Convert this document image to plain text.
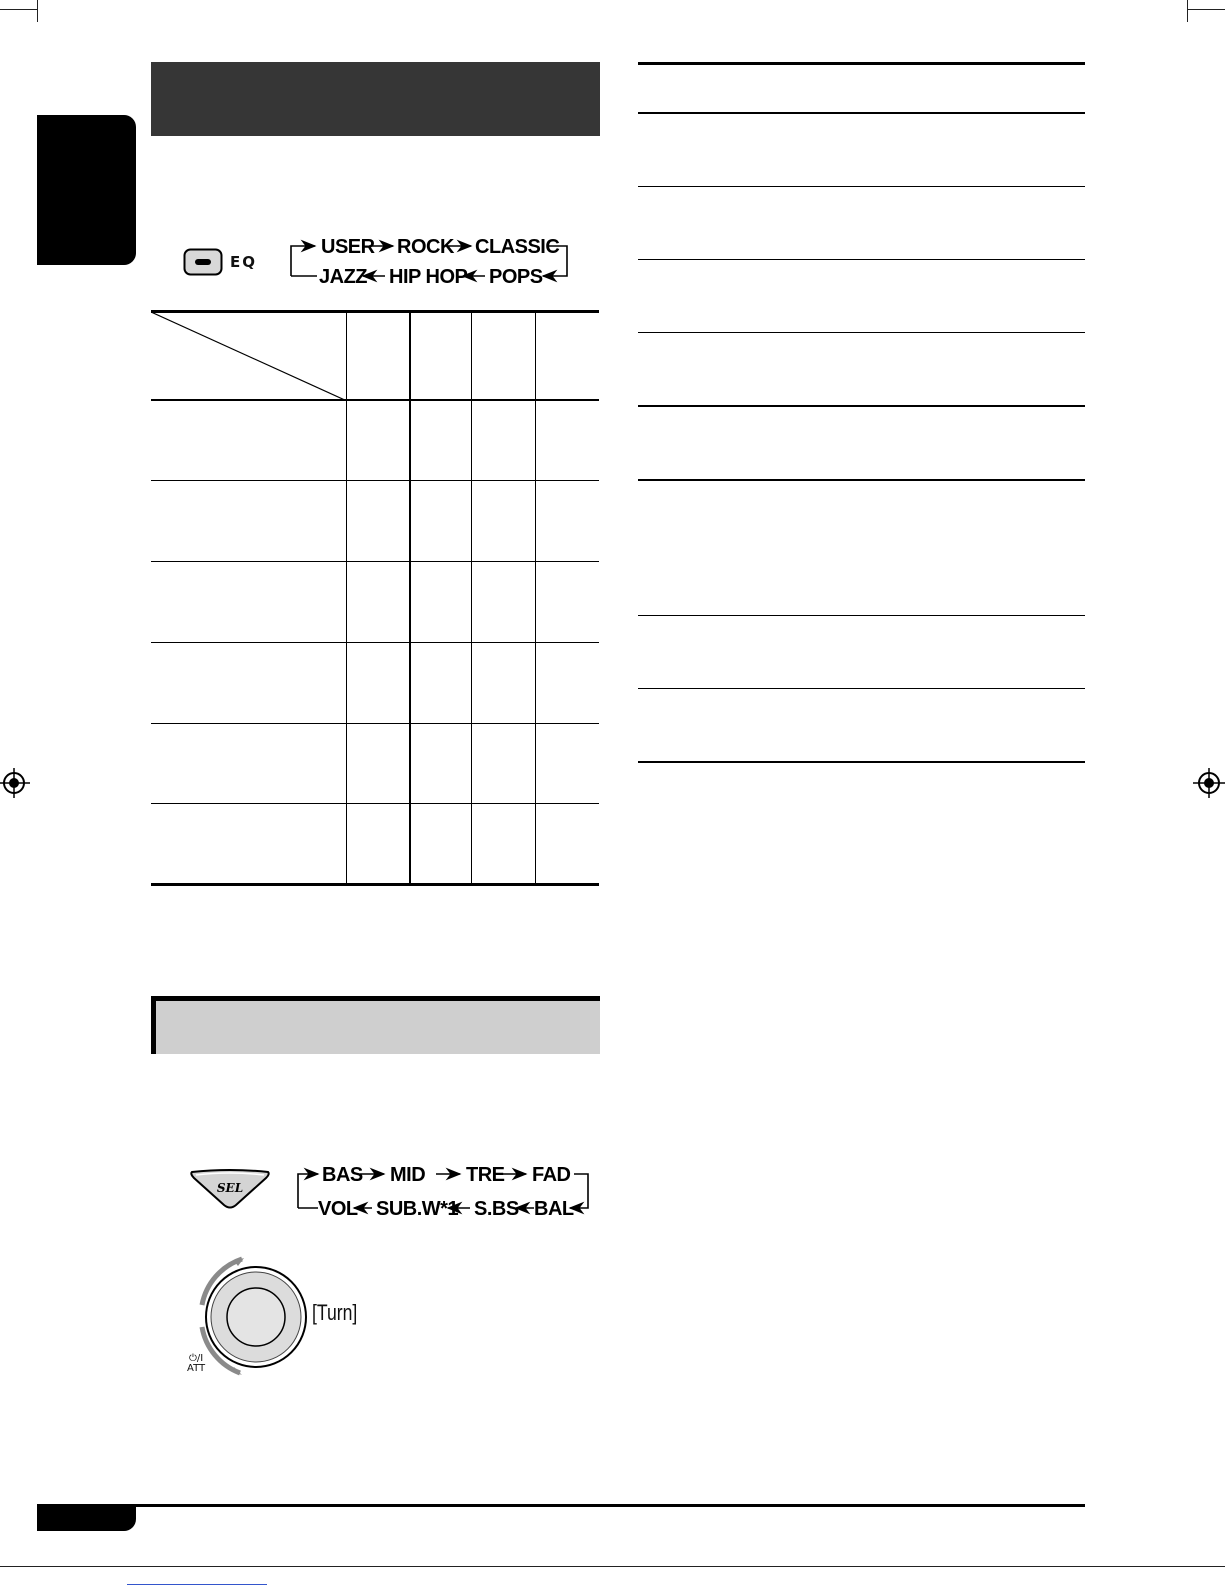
EQ
USER ROCK CLASSIC
JAZZ HIP HOP POPS
SEL
BAS MID TRE FAD
VOL SUB.W*1 S.BS BAL
[Turn]
⏻/I
ATT
